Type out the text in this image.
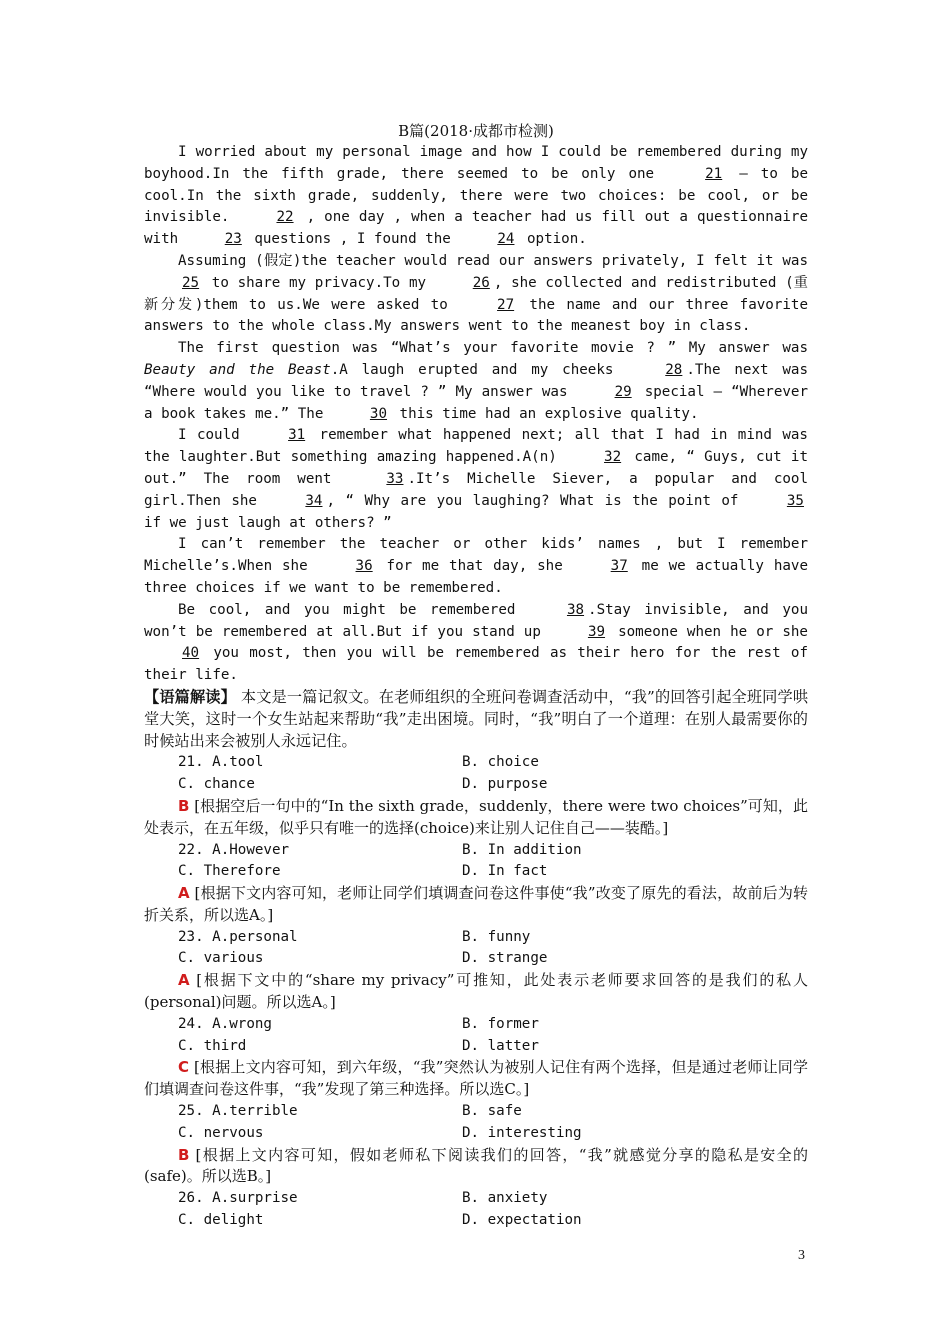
B篇(2018·成都市检测)

I worried about my personal image and how I could be remembered during my boyhood.In the fifth grade, there seemed to be only one	21 — to be cool.In the sixth grade, suddenly, there were two choices: be cool, or be invisible.	22 , one day , when a teacher had us fill out a questionnaire with	23 questions , I found the	24 option.

Assuming (假定)the teacher would read our answers privately, I felt it was 25 to share my privacy.To my	26 , she collected and redistributed (重新分发)them to us.We were asked to	27 the name and our three favorite answers to the whole class.My answers went to the meanest boy in class.

The first question was “What’s your favorite movie ? ” My answer was Beauty and the Beast.A laugh erupted and my cheeks	28 .The next was “Where would you like to travel ? ” My answer was	29 special — “Wherever a book takes me.” The	30 this time had an explosive quality.

I could	31 remember what happened next; all that I had in mind was the laughter.But something amazing happened.A(n)	32 came, “ Guys, cut it out.” The room went	33 .It’s Michelle Siever, a popular and cool girl.Then she	34 , “ Why are you laughing? What is the point of	35 if we just laugh at others? ”

I can’t remember the teacher or other kids’ names , but I remember Michelle’s.When she	36 for me that day, she	37 me we actually have three choices if we want to be remembered.

Be cool, and you might be remembered	38 .Stay invisible, and you won’t be remembered at all.But if you stand up	39 someone when he or she 40 you most, then you will be remembered as their hero for the rest of their life.

【语篇解读】 本文是一篇记叙文。在老师组织的全班问卷调查活动中，“我”的回答引起全班同学哄堂大笑，这时一个女生站起来帮助“我”走出困境。同时，“我”明白了一个道理：在别人最需要你的时候站出来会被别人永远记住。

21. A.tool	B. choice
C. chance	D. purpose

B [根据空后一句中的“In the sixth grade，suddenly，there were two choices”可知，此处表示，在五年级，似乎只有唯一的选择(choice)来让别人记住自己——装酷。]

22. A.However	B. In addition
C. Therefore	D. In fact

A [根据下文内容可知，老师让同学们填调查问卷这件事使“我”改变了原先的看法，故前后为转折关系，所以选A。]

23. A.personal	B. funny
C. various	D. strange

A [根据下文中的“share my privacy”可推知，此处表示老师要求回答的是我们的私人(personal)问题。所以选A。]

24. A.wrong	B. former
C. third	D. latter

C [根据上文内容可知，到六年级，“我”突然认为被别人记住有两个选择，但是通过老师让同学们填调查问卷这件事，“我”发现了第三种选择。所以选C。]

25. A.terrible	B. safe
C. nervous	D. interesting

B [根据上文内容可知，假如老师私下阅读我们的回答，“我”就感觉分享的隐私是安全的(safe)。所以选B。]

26. A.surprise	B. anxiety
C. delight	D. expectation
3
